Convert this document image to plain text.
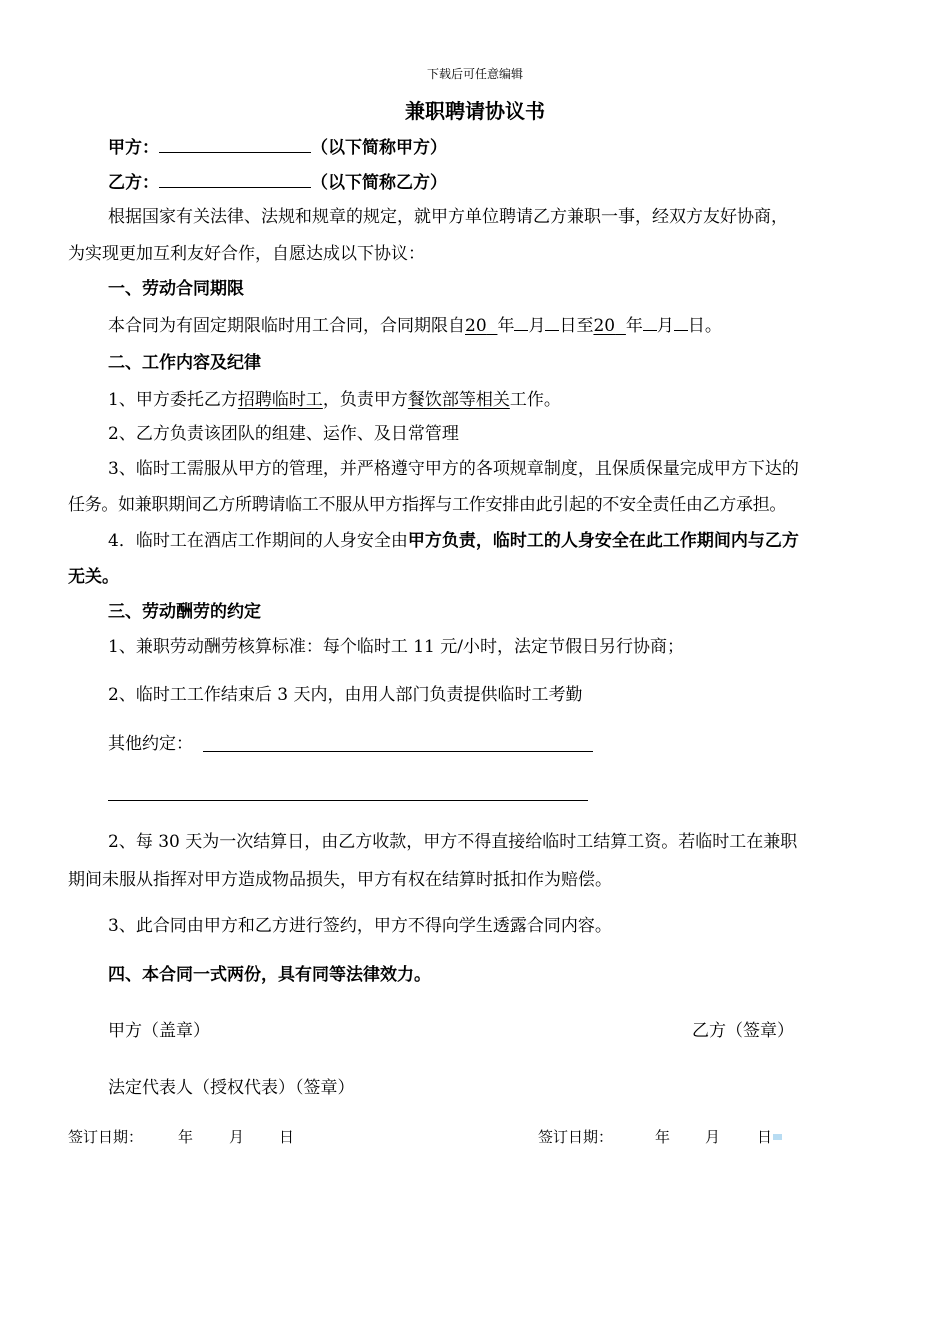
下载后可任意编辑
兼职聘请协议书
甲方：	（以下简称甲方）
乙方：	（以下简称乙方）
根据国家有关法律、法规和规章的规定，就甲方单位聘请乙方兼职一事，经双方友好协商，
为实现更加互利友好合作，自愿达成以下协议：
一、劳动合同期限
本合同为有固定期限临时用工合同，合同期限自20 年 月 日至20 年 月 日。
二、工作内容及纪律
1、甲方委托乙方招聘临时工，负责甲方餐饮部等相关工作。
2、乙方负责该团队的组建、运作、及日常管理
3、临时工需服从甲方的管理，并严格遵守甲方的各项规章制度，且保质保量完成甲方下达的
任务。如兼职期间乙方所聘请临工不服从甲方指挥与工作安排由此引起的不安全责任由乙方承担。
4．临时工在酒店工作期间的人身安全由甲方负责，临时工的人身安全在此工作期间内与乙方
无关。
三、劳动酬劳的约定
1、兼职劳动酬劳核算标准：每个临时工 11 元/小时，法定节假日另行协商；
2、临时工工作结束后 3 天内，由用人部门负责提供临时工考勤
其他约定：
2、每 30 天为一次结算日，由乙方收款，甲方不得直接给临时工结算工资。若临时工在兼职
期间未服从指挥对甲方造成物品损失，甲方有权在结算时抵扣作为赔偿。
3、此合同由甲方和乙方进行签约，甲方不得向学生透露合同内容。
四、本合同一式两份，具有同等法律效力。
甲方（盖章）	乙方（签章）
法定代表人（授权代表）（签章）
签订日期： 年 月 日	签订日期：	年 月 日
